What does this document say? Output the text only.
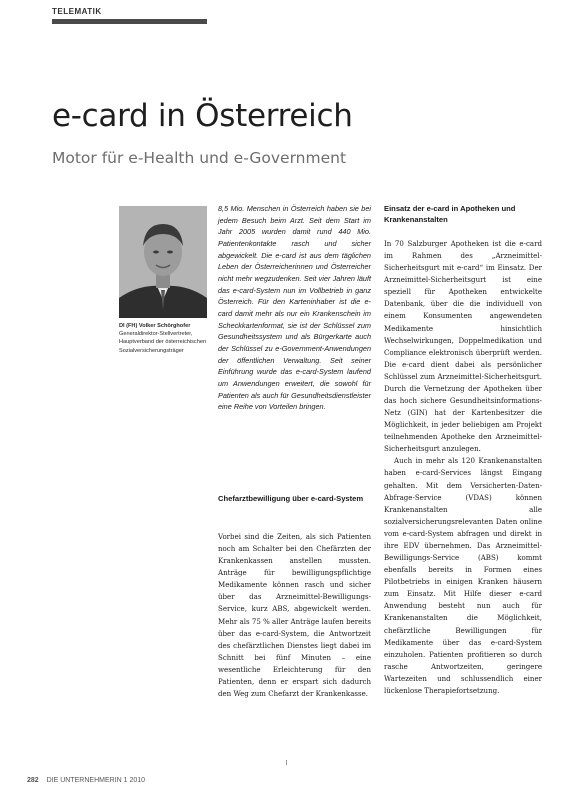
TELEMATIK
e-card in Österreich
Motor für e-Health und e-Government
DI (FH) Volker Schörghofer
Generaldirektor-Stellvertreter, Hauptverband der österreichischen Sozialversicherungsträger

8,5 Mio. Menschen in Österreich haben sie bei jedem Besuch beim Arzt. Seit dem Start im Jahr 2005 wurden damit rund 440 Mio. Patientenkontakte rasch und sicher abgewickelt. Die e-card ist aus dem täglichen Leben der Österreicherinnen und Österreicher nicht mehr wegzudenken. Seit vier Jahren läuft das e-card-System nun im Vollbetrieb in ganz Österreich. Für den Karteninhaber ist die e-card damit mehr als nur ein Krankenschein im Scheckkartenformat, sie ist der Schlüssel zum Gesundheitssystem und als Bürgerkarte auch der Schlüssel zu e-Government-Anwendungen der öffentlichen Verwaltung. Seit seiner Einführung wurde das e-card-System laufend um Anwendungen erweitert, die sowohl für Patienten als auch für Gesundheitsdienstleister eine Reihe von Vorteilen bringen.

Chefarztbewilligung über e-card-System

Vorbei sind die Zeiten, als sich Patienten noch am Schalter bei den Chefärzten der Krankenkassen anstellen mussten. Anträge für bewilligungspflichtige Medikamente können rasch und sicher über das Arzneimittel-Bewilligungs-Service, kurz ABS, abgewickelt werden. Mehr als 75 % aller Anträge laufen bereits über das e-card-System, die Antwortzeit des chefärztlichen Dienstes liegt dabei im Schnitt bei fünf Minuten – eine wesentliche Erleichterung für den Patienten, denn er erspart sich dadurch den Weg zum Chefarzt der Krankenkasse.

Einsatz der e-card in Apotheken und Krankenanstalten

In 70 Salzburger Apotheken ist die e-card im Rahmen des „Arzneimittel-Sicherheitsgurt mit e-card“ im Einsatz. Der Arzneimittel-Sicherheitsgurt ist eine speziell für Apotheken entwickelte Datenbank, über die die individuell von einem Konsumenten angewendeten Medikamente hinsichtlich Wechselwirkungen, Doppelmedikation und Compliance elektronisch überprüft werden. Die e-card dient dabei als persönlicher Schlüssel zum Arzneimittel-Sicherheitsgurt. Durch die Vernetzung der Apotheken über das hoch sichere Gesundheitsinformations-Netz (GIN) hat der Kartenbesitzer die Möglichkeit, in jeder beliebigen am Projekt teilnehmenden Apotheke den Arzneimittel-Sicherheitsgurt anzulegen.

Auch in mehr als 120 Krankenanstalten haben e-card-Services längst Eingang gehalten. Mit dem Versicherten-Daten-Abfrage-Service (VDAS) können Krankenanstalten alle sozialversicherungsrelevanten Daten online vom e-card-System abfragen und direkt in ihre EDV übernehmen. Das Arzneimittel-Bewilligungs-Service (ABS) kommt ebenfalls bereits in Formen eines Pilotbetriebs in einigen Kranken häusern zum Einsatz. Mit Hilfe dieser e-card Anwendung besteht nun auch für Krankenanstalten die Möglichkeit, chefärztliche Bewilligungen für Medikamente über das e-card-System einzuholen. Patienten profitieren so durch rasche Antwortzeiten, geringere Wartezeiten und schlussendlich einer lückenlose Therapiefortsetzung.

282 DIE UNTERNEHMERIN 1 2010
